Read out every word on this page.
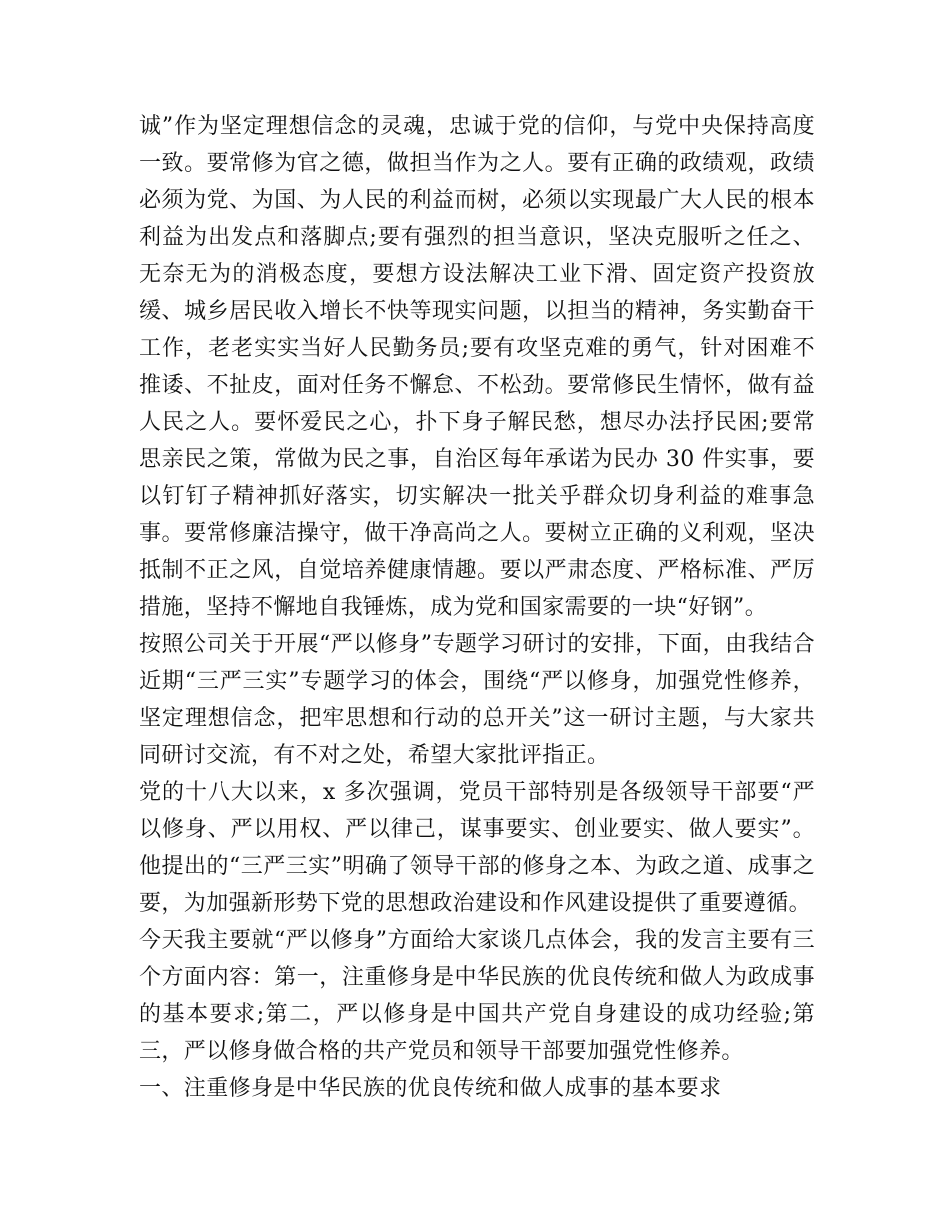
诚”作为坚定理想信念的灵魂，忠诚于党的信仰，与党中央保持高度一致。要常修为官之德，做担当作为之人。要有正确的政绩观，政绩必须为党、为国、为人民的利益而树，必须以实现最广大人民的根本利益为出发点和落脚点;要有强烈的担当意识，坚决克服听之任之、无奈无为的消极态度，要想方设法解决工业下滑、固定资产投资放缓、城乡居民收入增长不快等现实问题，以担当的精神，务实勤奋干工作，老老实实当好人民勤务员;要有攻坚克难的勇气，针对困难不推诿、不扯皮，面对任务不懈怠、不松劲。要常修民生情怀，做有益人民之人。要怀爱民之心，扑下身子解民愁，想尽办法抒民困;要常思亲民之策，常做为民之事，自治区每年承诺为民办 30 件实事，要以钉钉子精神抓好落实，切实解决一批关乎群众切身利益的难事急事。要常修廉洁操守，做干净高尚之人。要树立正确的义利观，坚决抵制不正之风，自觉培养健康情趣。要以严肃态度、严格标准、严厉措施，坚持不懈地自我锤炼，成为党和国家需要的一块“好钢”。

按照公司关于开展“严以修身”专题学习研讨的安排，下面，由我结合近期“三严三实”专题学习的体会，围绕“严以修身，加强党性修养，坚定理想信念，把牢思想和行动的总开关”这一研讨主题，与大家共同研讨交流，有不对之处，希望大家批评指正。

党的十八大以来，x 多次强调，党员干部特别是各级领导干部要“严以修身、严以用权、严以律己，谋事要实、创业要实、做人要实”。他提出的“三严三实”明确了领导干部的修身之本、为政之道、成事之要，为加强新形势下党的思想政治建设和作风建设提供了重要遵循。

今天我主要就“严以修身”方面给大家谈几点体会，我的发言主要有三个方面内容：第一，注重修身是中华民族的优良传统和做人为政成事的基本要求;第二，严以修身是中国共产党自身建设的成功经验;第三，严以修身做合格的共产党员和领导干部要加强党性修养。

一、注重修身是中华民族的优良传统和做人成事的基本要求
